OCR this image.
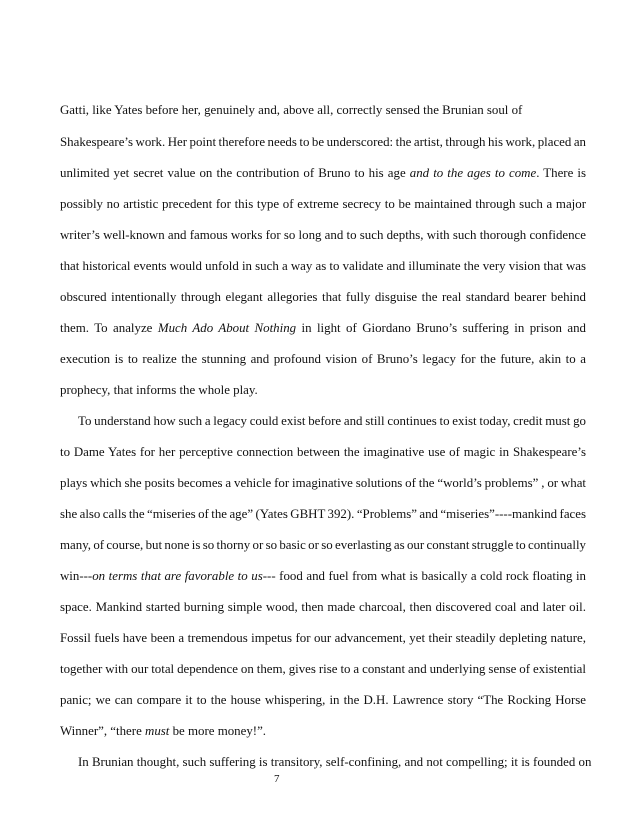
Gatti, like Yates before her, genuinely and, above all, correctly sensed the Brunian soul of
Shakespeare’s work. Her point therefore needs to be underscored: the artist, through his work, placed an
unlimited yet secret value on the contribution of Bruno to his age and to the ages to come. There is
possibly no artistic precedent for this type of extreme secrecy to be maintained through such a major
writer’s well-known and famous works for so long and to such depths, with such thorough confidence
that historical events would unfold in such a way as to validate and illuminate the very vision that was
obscured intentionally through elegant allegories that fully disguise the real standard bearer behind
them. To analyze Much Ado About Nothing in light of Giordano Bruno’s suffering in prison and
execution is to realize the stunning and profound vision of Bruno’s legacy for the future, akin to a
prophecy, that informs the whole play.
To understand how such a legacy could exist before and still continues to exist today, credit must go
to Dame Yates for her perceptive connection between the imaginative use of magic in Shakespeare’s
plays which she posits becomes a vehicle for imaginative solutions of the “world’s problems” , or what
she also calls the “miseries of the age” (Yates GBHT 392). “Problems” and “miseries”----mankind faces
many, of course, but none is so thorny or so basic or so everlasting as our constant struggle to continually
win---on terms that are favorable to us--- food and fuel from what is basically a cold rock floating in
space. Mankind started burning simple wood, then made charcoal, then discovered coal and later oil.
Fossil fuels have been a tremendous impetus for our advancement, yet their steadily depleting nature,
together with our total dependence on them, gives rise to a constant and underlying sense of existential
panic; we can compare it to the house whispering, in the D.H. Lawrence story “The Rocking Horse
Winner”, “there must be more money!”.
In Brunian thought, such suffering is transitory, self-confining, and not compelling; it is founded on
7
